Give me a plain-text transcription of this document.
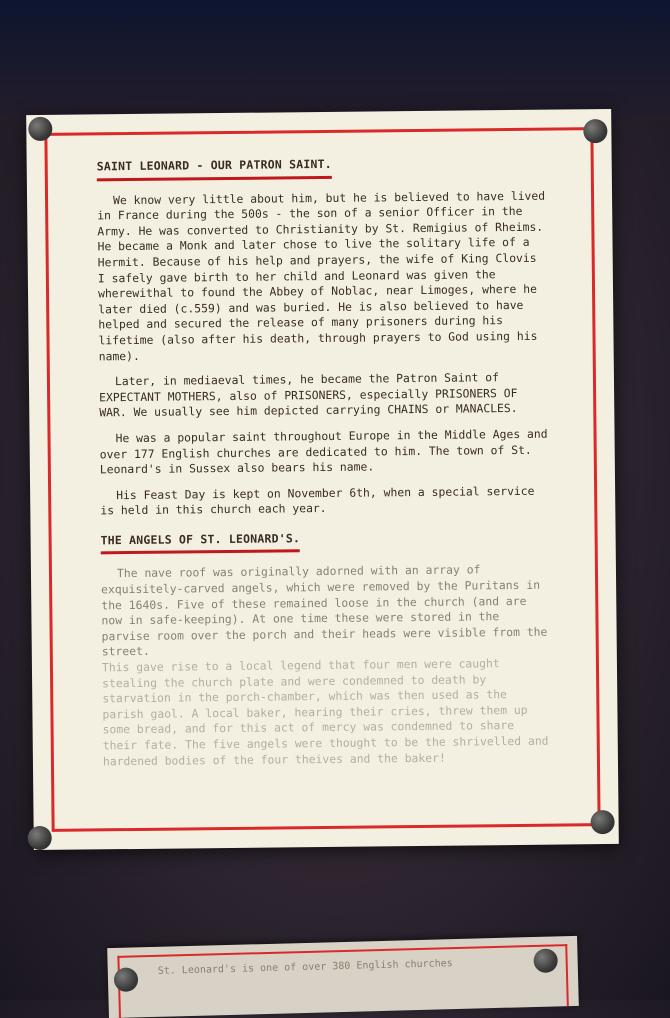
SAINT LEONARD - OUR PATRON SAINT.

We know very little about him, but he is believed to have lived in France during the 500s - the son of a senior Officer in the Army. He was converted to Christianity by St. Remigius of Rheims. He became a Monk and later chose to live the solitary life of a Hermit. Because of his help and prayers, the wife of King Clovis I safely gave birth to her child and Leonard was given the wherewithal to found the Abbey of Noblac, near Limoges, where he later died (c.559) and was buried. He is also believed to have helped and secured the release of many prisoners during his lifetime (also after his death, through prayers to God using his name).

Later, in mediaeval times, he became the Patron Saint of EXPECTANT MOTHERS, also of PRISONERS, especially PRISONERS OF WAR. We usually see him depicted carrying CHAINS or MANACLES.

He was a popular saint throughout Europe in the Middle Ages and over 177 English churches are dedicated to him. The town of St. Leonard's in Sussex also bears his name.

His Feast Day is kept on November 6th, when a special service is held in this church each year.

THE ANGELS OF ST. LEONARD'S.

The nave roof was originally adorned with an array of exquisitely-carved angels, which were removed by the Puritans in the 1640s. Five of these remained loose in the church (and are now in safe-keeping). At one time these were stored in the parvise room over the porch and their heads were visible from the street.

This gave rise to a local legend that four men were caught stealing the church plate and were condemned to death by starvation in the porch-chamber, which was then used as the parish gaol. A local baker, hearing their cries, threw them up some bread, and for this act of mercy was condemned to share their fate. The five angels were thought to be the shrivelled and hardened bodies of the four theives and the baker!

St. Leonard's is one of over 380 English churches
